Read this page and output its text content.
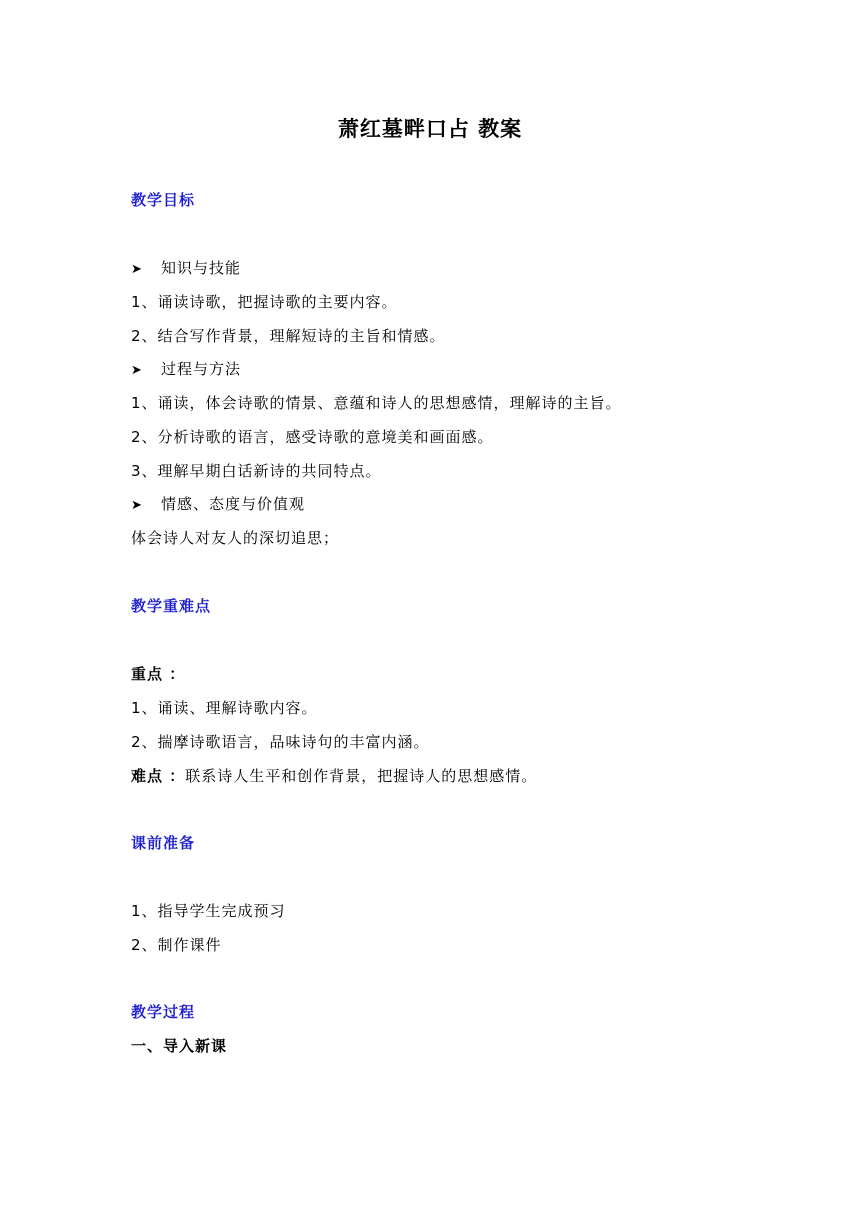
萧红墓畔口占 教案
教学目标
➤ 知识与技能
1、诵读诗歌，把握诗歌的主要内容。
2、结合写作背景，理解短诗的主旨和情感。
➤ 过程与方法
1、诵读，体会诗歌的情景、意蕴和诗人的思想感情，理解诗的主旨。
2、分析诗歌的语言，感受诗歌的意境美和画面感。
3、理解早期白话新诗的共同特点。
➤ 情感、态度与价值观
体会诗人对友人的深切追思；
教学重难点
重点 ：
1、诵读、理解诗歌内容。
2、揣摩诗歌语言，品味诗句的丰富内涵。
难点 ：联系诗人生平和创作背景，把握诗人的思想感情。
课前准备
1、指导学生完成预习
2、制作课件
教学过程
一、导入新课
